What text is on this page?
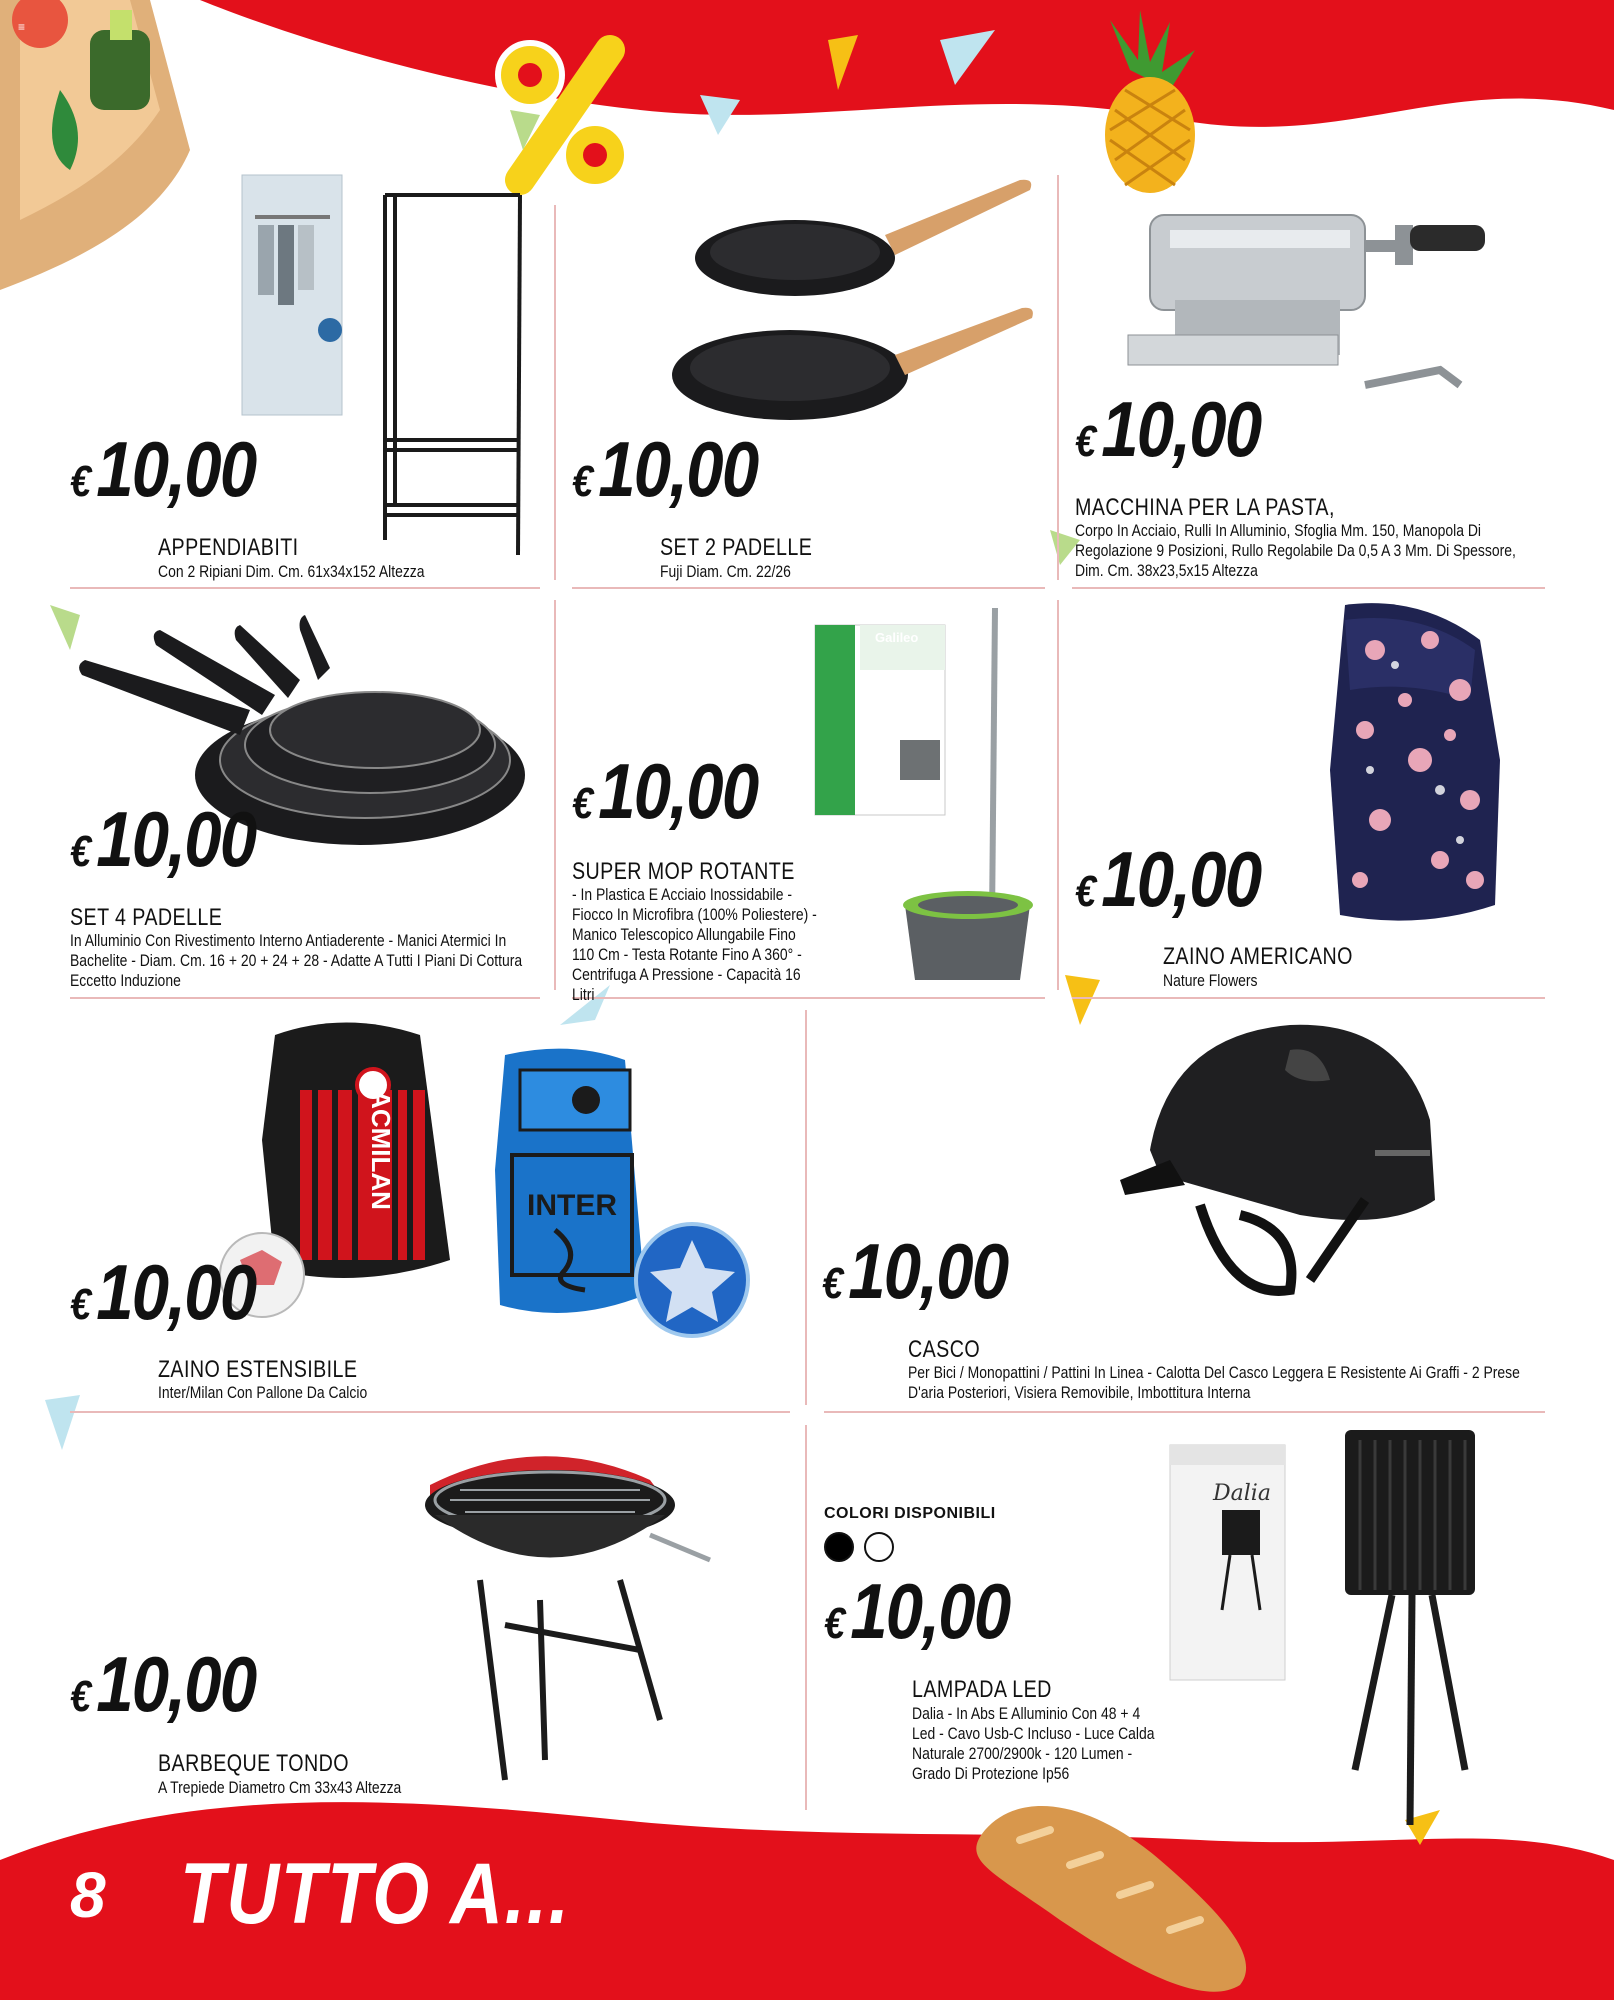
ACMILAN	INTER
Dalia
Galileo
≡
€10,00
APPENDIABITI
Con 2 Ripiani Dim. Cm. 61x34x152 Altezza
€10,00
SET 2 PADELLE
Fuji Diam. Cm. 22/26
€10,00
MACCHINA PER LA PASTA,
Corpo In Acciaio, Rulli In Alluminio, Sfoglia Mm. 150, Manopola Di Regolazione 9 Posizioni, Rullo Regolabile Da 0,5 A 3 Mm. Di Spessore, Dim. Cm. 38x23,5x15 Altezza
€10,00
SET 4 PADELLE
In Alluminio Con Rivestimento Interno Antiaderente - Manici Atermici In Bachelite - Diam. Cm. 16 + 20 + 24 + 28 - Adatte A Tutti I Piani Di Cottura Eccetto Induzione
€10,00
SUPER MOP ROTANTE
- In Plastica E Acciaio Inossidabile - Fiocco In Microfibra (100% Poliestere) - Manico Telescopico Allungabile Fino 110 Cm - Testa Rotante Fino A 360° - Centrifuga A Pressione - Capacità 16 Litri
€10,00
ZAINO AMERICANO
Nature Flowers
€10,00
ZAINO ESTENSIBILE
Inter/Milan Con Pallone Da Calcio
€10,00
CASCO
Per Bici / Monopattini / Pattini In Linea - Calotta Del Casco Leggera E Resistente Ai Graffi - 2 Prese D'aria Posteriori, Visiera Removibile, Imbottitura Interna
€10,00
BARBEQUE TONDO
A Trepiede Diametro Cm 33x43 Altezza
COLORI DISPONIBILI
€10,00
LAMPADA LED
Dalia - In Abs E Alluminio Con 48 + 4 Led - Cavo Usb-C Incluso - Luce Calda Naturale 2700/2900k - 120 Lumen - Grado Di Protezione Ip56
8 TUTTO A...
